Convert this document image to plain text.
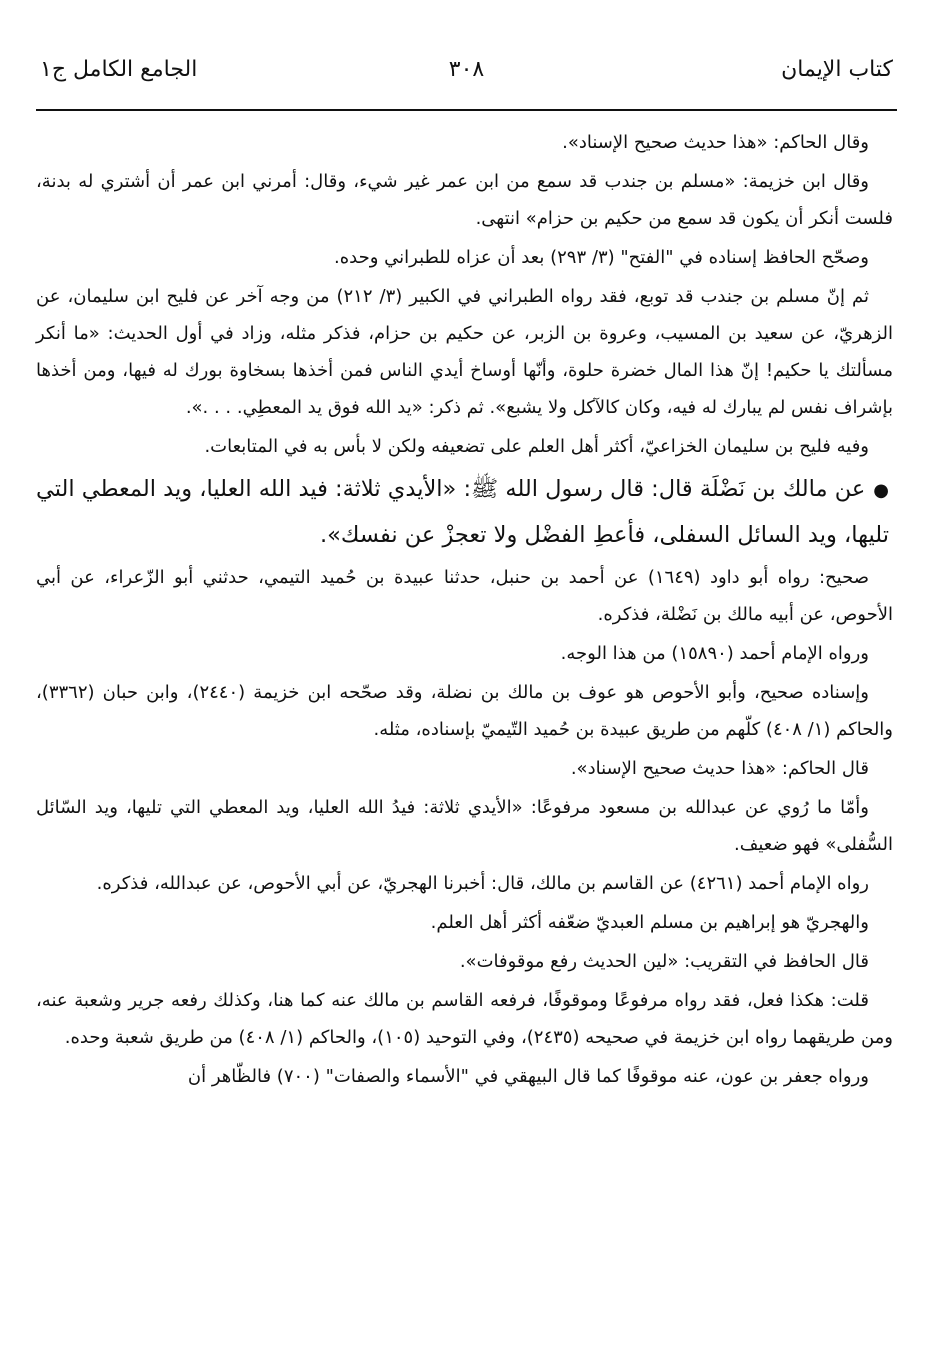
كتاب الإيمان
٣٠٨
الجامع الكامل ج١

وقال الحاكم: «هذا حديث صحيح الإسناد».

وقال ابن خزيمة: «مسلم بن جندب قد سمع من ابن عمر غير شيء، وقال: أمرني ابن عمر أن أشتري له بدنة، فلست أنكر أن يكون قد سمع من حكيم بن حزام» انتهى.

وصحّح الحافظ إسناده في "الفتح" (٣/ ٢٩٣) بعد أن عزاه للطبراني وحده.

ثم إنّ مسلم بن جندب قد توبع، فقد رواه الطبراني في الكبير (٣/ ٢١٢) من وجه آخر عن فليح ابن سليمان، عن الزهريّ، عن سعيد بن المسيب، وعروة بن الزبر، عن حكيم بن حزام، فذكر مثله، وزاد في أول الحديث: «ما أنكر مسألتك يا حكيم! إنّ هذا المال خضرة حلوة، وأنّها أوساخ أيدي الناس فمن أخذها بسخاوة بورك له فيها، ومن أخذها بإشراف نفس لم يبارك له فيه، وكان كالآكل ولا يشبع». ثم ذكر: «يد الله فوق يد المعطِي. . . .».

وفيه فليح بن سليمان الخزاعيّ، أكثر أهل العلم على تضعيفه ولكن لا بأس به في المتابعات.

●عن مالك بن نَضْلَة قال: قال رسول الله ﷺ: «الأيدي ثلاثة: فيد الله العليا، ويد المعطي التي تليها، ويد السائل السفلى، فأعطِ الفضْل ولا تعجزْ عن نفسك».

صحيح: رواه أبو داود (١٦٤٩) عن أحمد بن حنبل، حدثنا عبيدة بن حُميد التيمي، حدثني أبو الزّعراء، عن أبي الأحوص، عن أبيه مالك بن نَضْلة، فذكره.

ورواه الإمام أحمد (١٥٨٩٠) من هذا الوجه.

وإسناده صحيح، وأبو الأحوص هو عوف بن مالك بن نضلة، وقد صحّحه ابن خزيمة (٢٤٤٠)، وابن حبان (٣٣٦٢)، والحاكم (١/ ٤٠٨) كلّهم من طريق عبيدة بن حُميد التّيميّ بإسناده، مثله.

قال الحاكم: «هذا حديث صحيح الإسناد».

وأمّا ما رُوي عن عبدالله بن مسعود مرفوعًا: «الأيدي ثلاثة: فيدُ الله العليا، ويد المعطي التي تليها، ويد السّائل السُّفلى» فهو ضعيف.

رواه الإمام أحمد (٤٢٦١) عن القاسم بن مالك، قال: أخبرنا الهجريّ، عن أبي الأحوص، عن عبدالله، فذكره.

والهجريّ هو إبراهيم بن مسلم العبديّ ضعّفه أكثر أهل العلم.

قال الحافظ في التقريب: «لين الحديث رفع موقوفات».

قلت: هكذا فعل، فقد رواه مرفوعًا وموقوفًا، فرفعه القاسم بن مالك عنه كما هنا، وكذلك رفعه جرير وشعبة عنه، ومن طريقهما رواه ابن خزيمة في صحيحه (٢٤٣٥)، وفي التوحيد (١٠٥)، والحاكم (١/ ٤٠٨) من طريق شعبة وحده.

ورواه جعفر بن عون، عنه موقوفًا كما قال البيهقي في "الأسماء والصفات" (٧٠٠) فالظّاهر أن
